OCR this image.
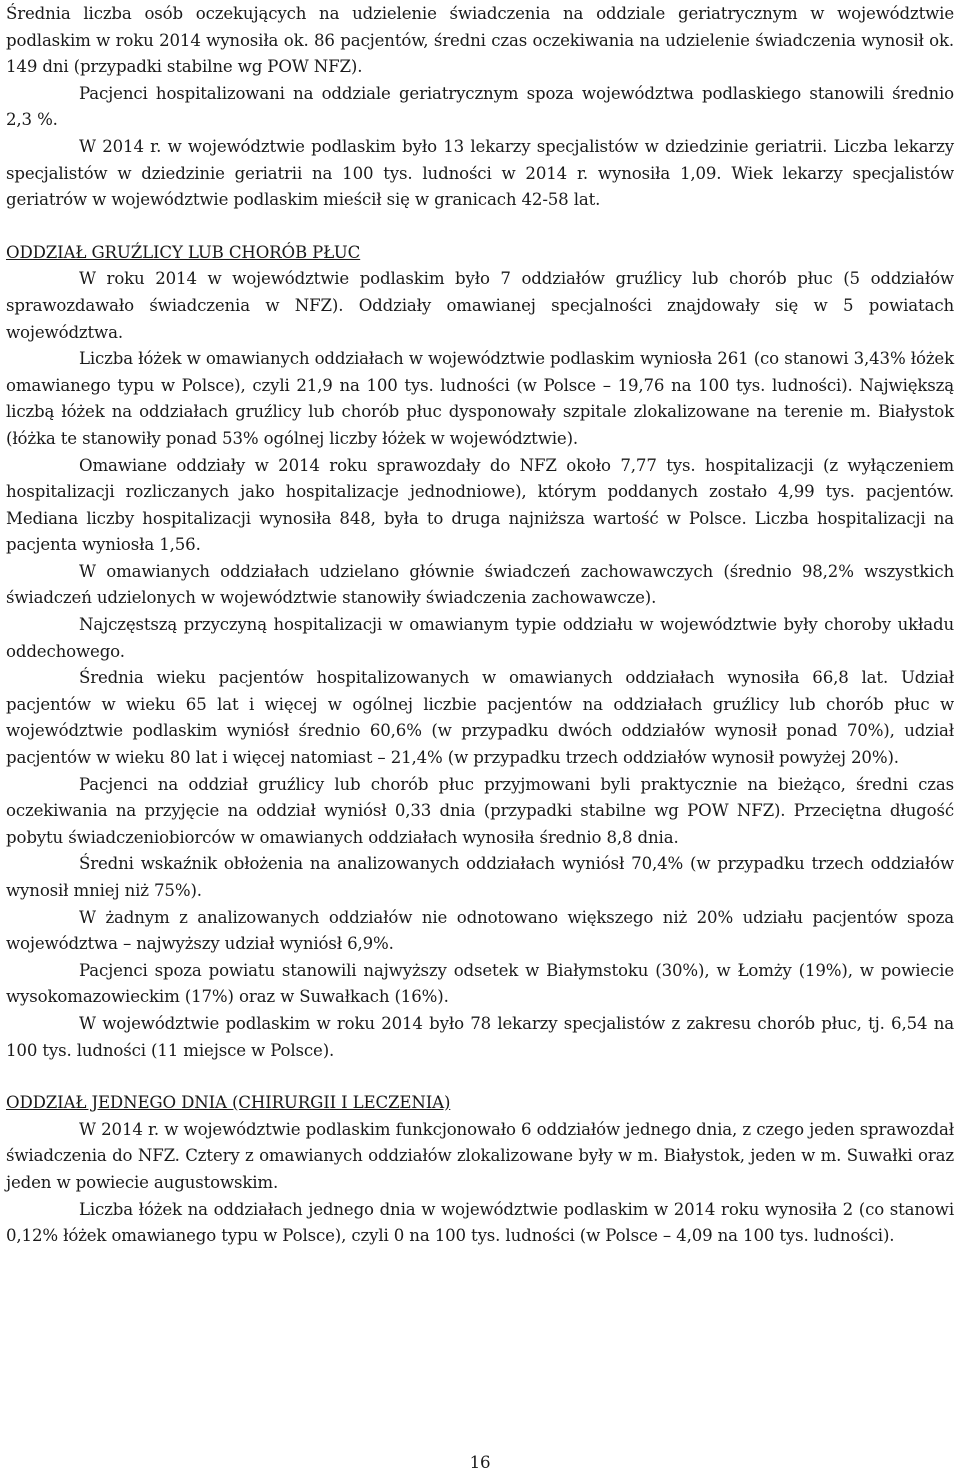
Średnia liczba osób oczekujących na udzielenie świadczenia na oddziale geriatrycznym w województwie podlaskim w roku 2014 wynosiła ok. 86 pacjentów, średni czas oczekiwania na udzielenie świadczenia wynosił ok. 149 dni (przypadki stabilne wg POW NFZ).

Pacjenci hospitalizowani na oddziale geriatrycznym spoza województwa podlaskiego stanowili średnio 2,3 %.

W 2014 r. w województwie podlaskim było 13 lekarzy specjalistów w dziedzinie geriatrii. Liczba lekarzy specjalistów w dziedzinie geriatrii na 100 tys. ludności w 2014 r. wynosiła 1,09. Wiek lekarzy specjalistów geriatrów w województwie podlaskim mieścił się w granicach 42-58 lat.

ODDZIAŁ GRUŹLICY LUB CHORÓB PŁUC

W roku 2014 w województwie podlaskim było 7 oddziałów gruźlicy lub chorób płuc (5 oddziałów sprawozdawało świadczenia w NFZ). Oddziały omawianej specjalności znajdowały się w 5 powiatach województwa.

Liczba łóżek w omawianych oddziałach w województwie podlaskim wyniosła 261 (co stanowi 3,43% łóżek omawianego typu w Polsce), czyli 21,9 na 100 tys. ludności (w Polsce – 19,76 na 100 tys. ludności). Największą liczbą łóżek na oddziałach gruźlicy lub chorób płuc dysponowały szpitale zlokalizowane na terenie m. Białystok (łóżka te stanowiły ponad 53% ogólnej liczby łóżek w województwie).

Omawiane oddziały w 2014 roku sprawozdały do NFZ około 7,77 tys. hospitalizacji (z wyłączeniem hospitalizacji rozliczanych jako hospitalizacje jednodniowe), którym poddanych zostało 4,99 tys. pacjentów. Mediana liczby hospitalizacji wynosiła 848, była to druga najniższa wartość w Polsce. Liczba hospitalizacji na pacjenta wyniosła 1,56.

W omawianych oddziałach udzielano głównie świadczeń zachowawczych (średnio 98,2% wszystkich świadczeń udzielonych w województwie stanowiły świadczenia zachowawcze).

Najczęstszą przyczyną hospitalizacji w omawianym typie oddziału w województwie były choroby układu oddechowego.

Średnia wieku pacjentów hospitalizowanych w omawianych oddziałach wynosiła 66,8 lat. Udział pacjentów w wieku 65 lat i więcej w ogólnej liczbie pacjentów na oddziałach gruźlicy lub chorób płuc w województwie podlaskim wyniósł średnio 60,6% (w przypadku dwóch oddziałów wynosił ponad 70%), udział pacjentów w wieku 80 lat i więcej natomiast – 21,4% (w przypadku trzech oddziałów wynosił powyżej 20%).

Pacjenci na oddział gruźlicy lub chorób płuc przyjmowani byli praktycznie na bieżąco, średni czas oczekiwania na przyjęcie na oddział wyniósł 0,33 dnia (przypadki stabilne wg POW NFZ). Przeciętna długość pobytu świadczeniobiorców w omawianych oddziałach wynosiła średnio 8,8 dnia.

Średni wskaźnik obłożenia na analizowanych oddziałach wyniósł 70,4% (w przypadku trzech oddziałów wynosił mniej niż 75%).

W żadnym z analizowanych oddziałów nie odnotowano większego niż 20% udziału pacjentów spoza województwa – najwyższy udział wyniósł 6,9%.

Pacjenci spoza powiatu stanowili najwyższy odsetek w Białymstoku (30%), w Łomży (19%), w powiecie wysokomazowieckim (17%) oraz w Suwałkach (16%).

W województwie podlaskim w roku 2014 było 78 lekarzy specjalistów z zakresu chorób płuc, tj. 6,54 na 100 tys. ludności (11 miejsce w Polsce).

ODDZIAŁ JEDNEGO DNIA (CHIRURGII I LECZENIA)

W 2014 r. w województwie podlaskim funkcjonowało 6 oddziałów jednego dnia, z czego jeden sprawozdał świadczenia do NFZ. Cztery z omawianych oddziałów zlokalizowane były w m. Białystok, jeden w m. Suwałki oraz jeden w powiecie augustowskim.

Liczba łóżek na oddziałach jednego dnia w województwie podlaskim w 2014 roku wynosiła 2 (co stanowi 0,12% łóżek omawianego typu w Polsce), czyli 0 na 100 tys. ludności (w Polsce – 4,09 na 100 tys. ludności).

16
